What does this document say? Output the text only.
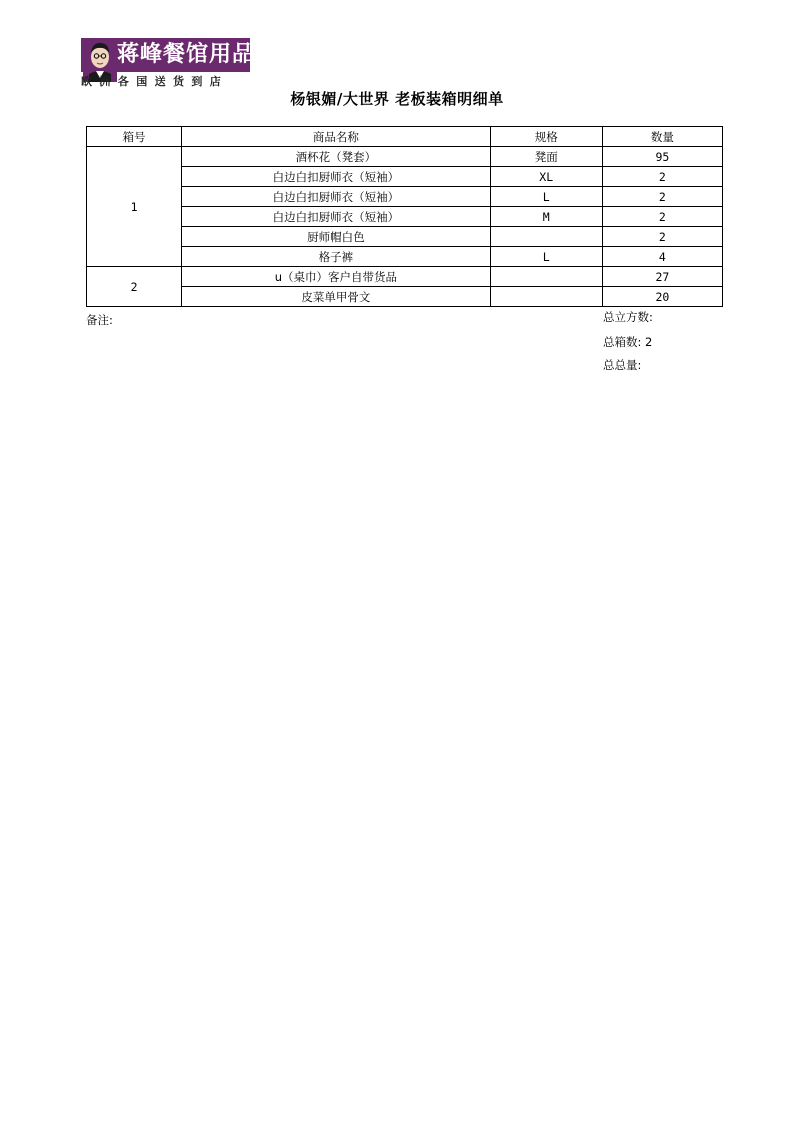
蒋峰餐馆用品
欧洲各国送货到店
杨银媚/大世界 老板装箱明细单
箱号	商品名称	规格	数量
1	酒杯花（凳套）	凳面	95
	白边白扣厨师衣（短袖）	XL	2
	白边白扣厨师衣（短袖）	L	2
	白边白扣厨师衣（短袖）	M	2
	厨师帽白色		2
	格子裤	L	4
2	u（桌巾）客户自带货品		27
	皮菜单甲骨文		20
备注:	总立方数:
总箱数: 2
总总量:
